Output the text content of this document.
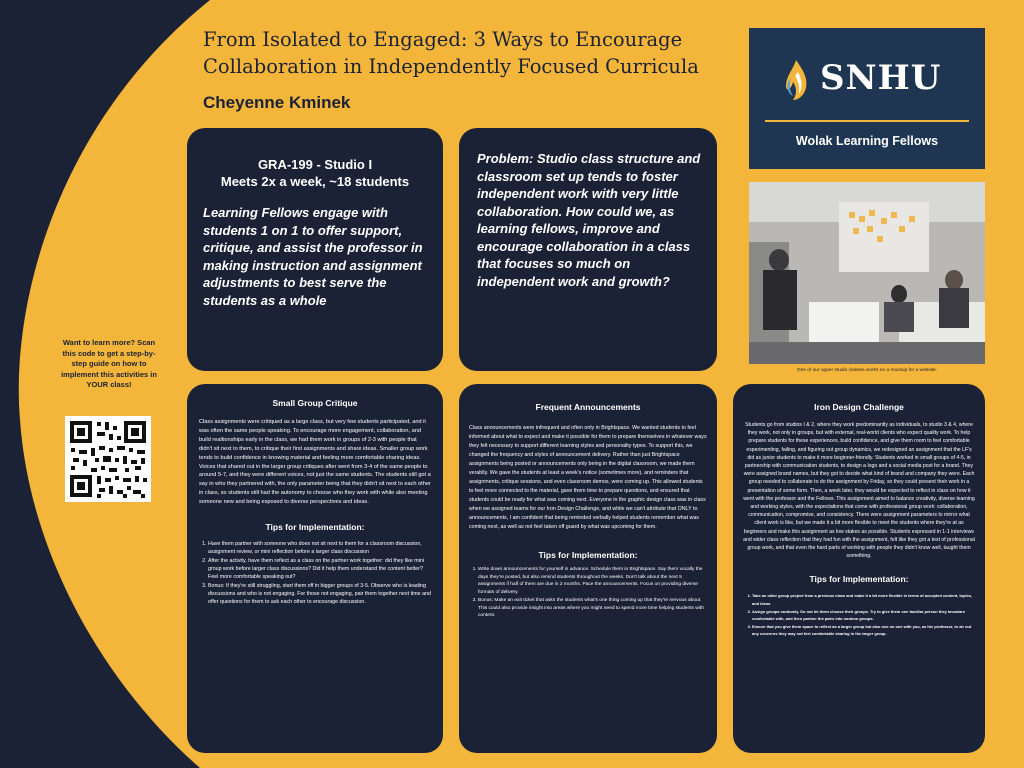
From Isolated to Engaged: 3 Ways to Encourage
Collaboration in Independently Focused Curricula
Cheyenne Kminek
SNHU
Wolak Learning Fellows
One of our upper studio classes works on a mockup for a website.
Want to learn more? Scan this code to get a step-by-step guide on how to implement this activities in YOUR class!
GRA-199 - Studio I
Meets 2x a week, ~18 students
Learning Fellows engage with students 1 on 1 to offer support, critique, and assist the professor in making instruction and assignment adjustments to best serve the students as a whole
Problem: Studio class structure and classroom set up tends to foster independent work with very little collaboration. How could we, as learning fellows, improve and encourage collaboration in a class that focuses so much on independent work and growth?
Small Group Critique
Class assignments were critiqued as a large class, but very few students participated, and it was often the same people speaking. To encourage more engagement, collaboration, and build realtionships early in the class, we had them work in groups of 2-3 with people that didn't sit next to them, to critique their first assignments and share ideas. Smaller group work tends to build confidence in knowing material and feeling more comfortable sharing ideas. Voices that shared out in the larger group critiques after went from 3-4 of the same people to around 5-7, and they were different voices, not just the same students. The students still got a say in who they partnered with, the only parameter being that they didn't sit next to each other in class, so students still had the autonomy to choose who they work with while also meeting someone new and being exposed to diverse perspectives and ideas.
Tips for Implementation:
1. Have them partner with someone who does not sit next to them for a classroom discussion, assignment review, or mini reflection before a larger class discussion
2. After the activity, have them reflect as a class on the partner work together: did they like mini group work before larger class discussions? Did it help them understand the content better? Feel more comfortable speaking out?
3. Bonus: If they're still struggling, start them off in bigger groups of 3-5. Observe who is leading discussions and who is not engaging. For those not engaging, pair them together next time and offer questions for them to ask each other to encourage discussion.
Frequent Announcements
Class announcements were infrequent and often only in Brightspace. We wanted students to feel informed about what to expect and make it possible for them to prepare themselves in whatever ways they felt necessary to support different learning styles and personality types. To support this, we changed the frequency and styles of announcement delivery. Rather than just Brightspace assignments being posted or announcements only being in the digital classroom, we made them verablly. We gave the students at least a week's notice (sometimes more), and reminders that assignments, critique sessions, and even classroom demos, were coming up. This allowed students to feel more connected to the material, gave them time to prepare questions, and ensured that students could be ready for what was coming next. Everyone in the graphic design class was in class when we assigned teams for our Iron Design Challenge, and while we can't attribute that ONLY to announcements, I am confident that being reminded verbally helped students remember what was coming next, as well as not feel taken off guard by what was upcoming for them.
Tips for Implementation:
1. Write down announcements for yourself in advance. Schedule them in Brightspace. Say them vocally the days they're posted, but also remind students throughout the weeks. Don't talk about the next 5 assignments if half of them are due in 2 months. Pace the announcements. Focus on providing diverse formats of delivery.
2. Bonus: Make an exit ticket that asks the students what's one thing coming up that they're nervous about. This could also provide insight into areas where you might need to spend more time helping students with content.
Iron Design Challenge
Students go from studios I & 2, where they work predominantly as individuals, to studio 3 & 4, where they work, not only in groups, but with external, real-world clients who expect quality work. To help prepare students for these experiences, build confidence, and give them room to feel comfortable experimenting, failing, and figuring out group dynamics, we redesigned an assignment that the LF's did as junior students to make it more beginner-friendly. Students worked in small groups of 4-5, in partnership with communication students, to design a logo and a social media post for a brand. They were assigned brand names, but they got to decide what kind of brand and company they were. Each group needed to collaborate to do the assignment by Friday, so they could present their work in a presentation of some form. Then, a week later, they would be expected to reflect in class on how it went with the professor and the Fellows. This assignment aimed to balance creativity, diverse learning and working styles, with the expectations that come with professional group work: collaboration, communication, compromise, and consistency. There were assignment parameters to mirror what client work is like, but we made it a bit more flexible to meet the students where they're at as beginners and make this assignment as low stakes as possible. Students expressed in 1-1 interviews and wider class reflection that they had fun with the assignment, felt like they got a test of professional group work, and that even the hard parts of working with people they didn't know well, taught them something.
Tips for Implementation:
1. Take an older group project from a previous class and make it a bit more flexible in terms of accepted content, topics, and ideas.
2. Assign groups randomly. Do not let them choose their groups. Try to give them one familiar person they know/are comfortable with, and then partner the pairs into random groups.
3. Ensure that you give them space to reflect as a larger group but also one on one with you, as the professor, to air out any concerns they may not feel comfortable sharing in the larger group.
